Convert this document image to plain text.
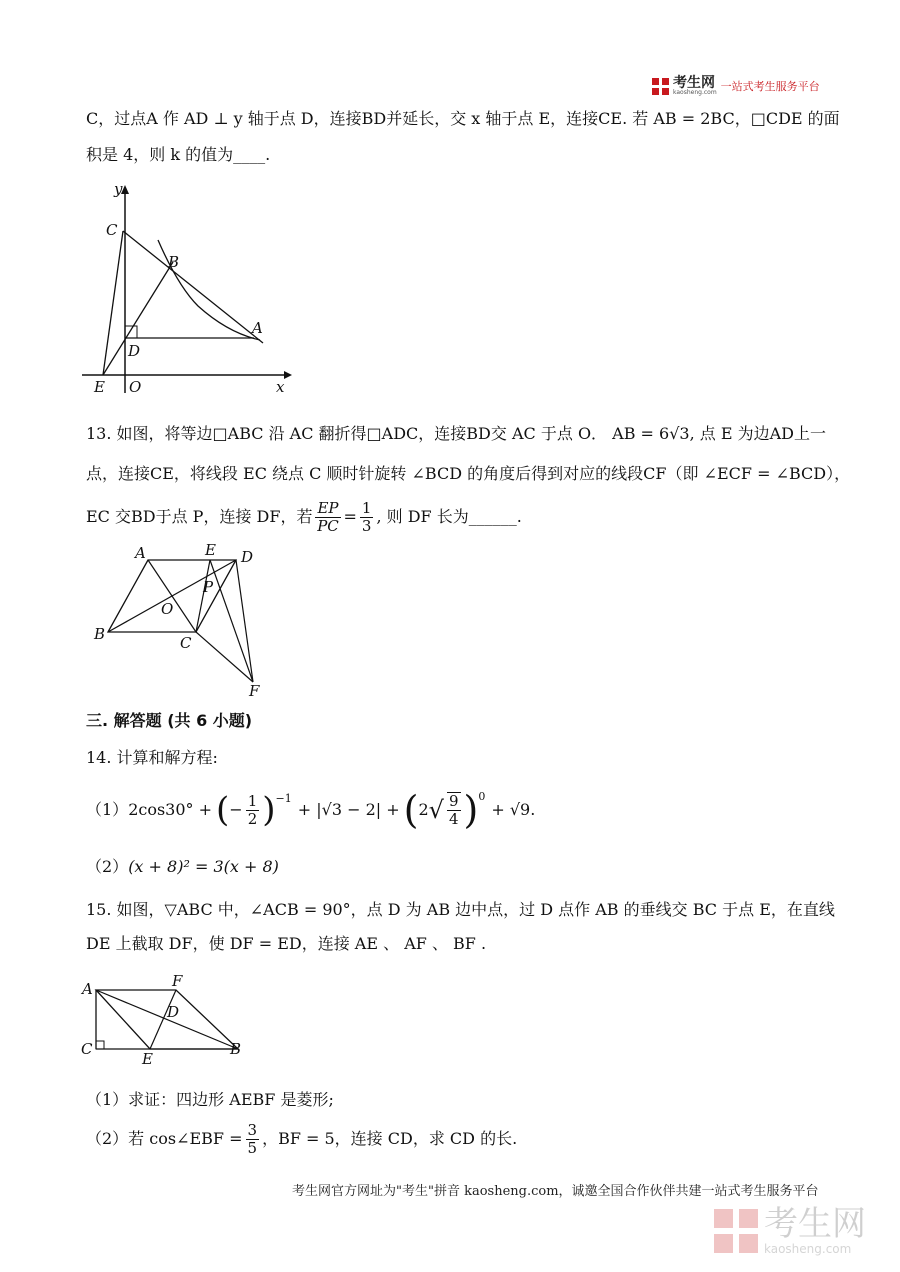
考生网
kaosheng.com 一站式考生服务平台
C，过点A 作 AD ⊥ y 轴于点 D，连接BD并延长，交 x 轴于点 E，连接CE. 若 AB = 2BC，□CDE 的面
积是 4，则 k 的值为____.
y
C
B
A
D
E O	x
13. 如图，将等边□ABC 沿 AC 翻折得□ADC，连接BD交 AC 于点 O． AB = 6√3, 点 E 为边AD上一
点，连接CE，将线段 EC 绕点 C 顺时针旋转 ∠BCD 的角度后得到对应的线段CF（即 ∠ECF = ∠BCD），
EC 交BD于点 P，连接 DF，若 $\frac{EP}{PC} = \frac{1}{3}$ , 则 DF 长为______.
A	E D
P
O
B	C
F
三. 解答题 (共 6 小题)
14. 计算和解方程:
（1） 2cos30° + ( − $\frac{1}{2} )^{-1}$
+ |√3 − 2| + ( 2 √ $\frac{9}{4} )^0$
+ √9.
（2）(x + 8)² = 3(x + 8)
15. 如图，▽ABC 中，∠ACB = 90°，点 D 为 AB 边中点，过 D 点作 AB 的垂线交 BC 于点 E，在直线
DE 上截取 DF，使 DF = ED，连接 AE 、 AF 、 BF .
A	F
D
C
E
B
（1）求证：四边形 AEBF 是菱形;
（2）若 cos∠EBF = $\frac{3}{5}$ ，BF = 5，连接 CD，求 CD 的长.
考生网官方网址为"考生"拼音 kaosheng.com，诚邀全国合作伙伴共建一站式考生服务平台
考生网
kaosheng.com
